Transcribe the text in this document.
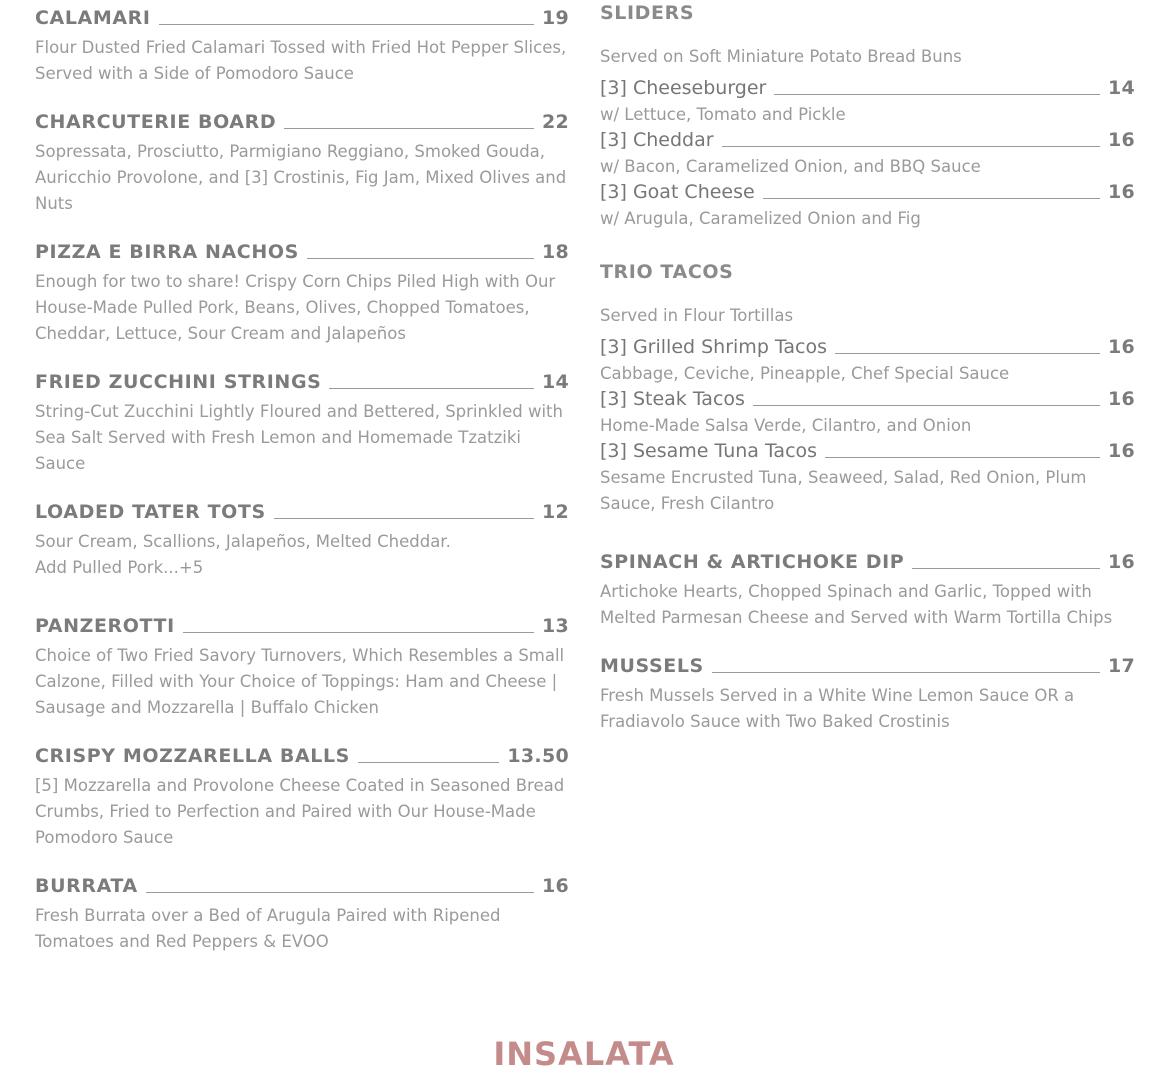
CALAMARI	19
Flour Dusted Fried Calamari Tossed with Fried Hot Pepper Slices, Served with a Side of Pomodoro Sauce
CHARCUTERIE BOARD	22
Sopressata, Prosciutto, Parmigiano Reggiano, Smoked Gouda, Auricchio Provolone, and [3] Crostinis, Fig Jam, Mixed Olives and Nuts
PIZZA E BIRRA NACHOS	18
Enough for two to share! Crispy Corn Chips Piled High with Our House-Made Pulled Pork, Beans, Olives, Chopped Tomatoes, Cheddar, Lettuce, Sour Cream and Jalapeños
FRIED ZUCCHINI STRINGS	14
String-Cut Zucchini Lightly Floured and Bettered, Sprinkled with Sea Salt Served with Fresh Lemon and Homemade Tzatziki Sauce
LOADED TATER TOTS	12
Sour Cream, Scallions, Jalapeños, Melted Cheddar.
Add Pulled Pork...+5
PANZEROTTI	13
Choice of Two Fried Savory Turnovers, Which Resembles a Small Calzone, Filled with Your Choice of Toppings: Ham and Cheese | Sausage and Mozzarella | Buffalo Chicken
CRISPY MOZZARELLA BALLS	13.50
[5] Mozzarella and Provolone Cheese Coated in Seasoned Bread Crumbs, Fried to Perfection and Paired with Our House-Made Pomodoro Sauce
BURRATA	16
Fresh Burrata over a Bed of Arugula Paired with Ripened Tomatoes and Red Peppers & EVOO
SLIDERS
Served on Soft Miniature Potato Bread Buns
[3] Cheeseburger	14
w/ Lettuce, Tomato and Pickle
[3] Cheddar	16
w/ Bacon, Caramelized Onion, and BBQ Sauce
[3] Goat Cheese	16
w/ Arugula, Caramelized Onion and Fig
TRIO TACOS
Served in Flour Tortillas
[3] Grilled Shrimp Tacos	16
Cabbage, Ceviche, Pineapple, Chef Special Sauce
[3] Steak Tacos	16
Home-Made Salsa Verde, Cilantro, and Onion
[3] Sesame Tuna Tacos	16
Sesame Encrusted Tuna, Seaweed, Salad, Red Onion, Plum Sauce, Fresh Cilantro
SPINACH & ARTICHOKE DIP	16
Artichoke Hearts, Chopped Spinach and Garlic, Topped with Melted Parmesan Cheese and Served with Warm Tortilla Chips
MUSSELS	17
Fresh Mussels Served in a White Wine Lemon Sauce OR a Fradiavolo Sauce with Two Baked Crostinis
INSALATA
